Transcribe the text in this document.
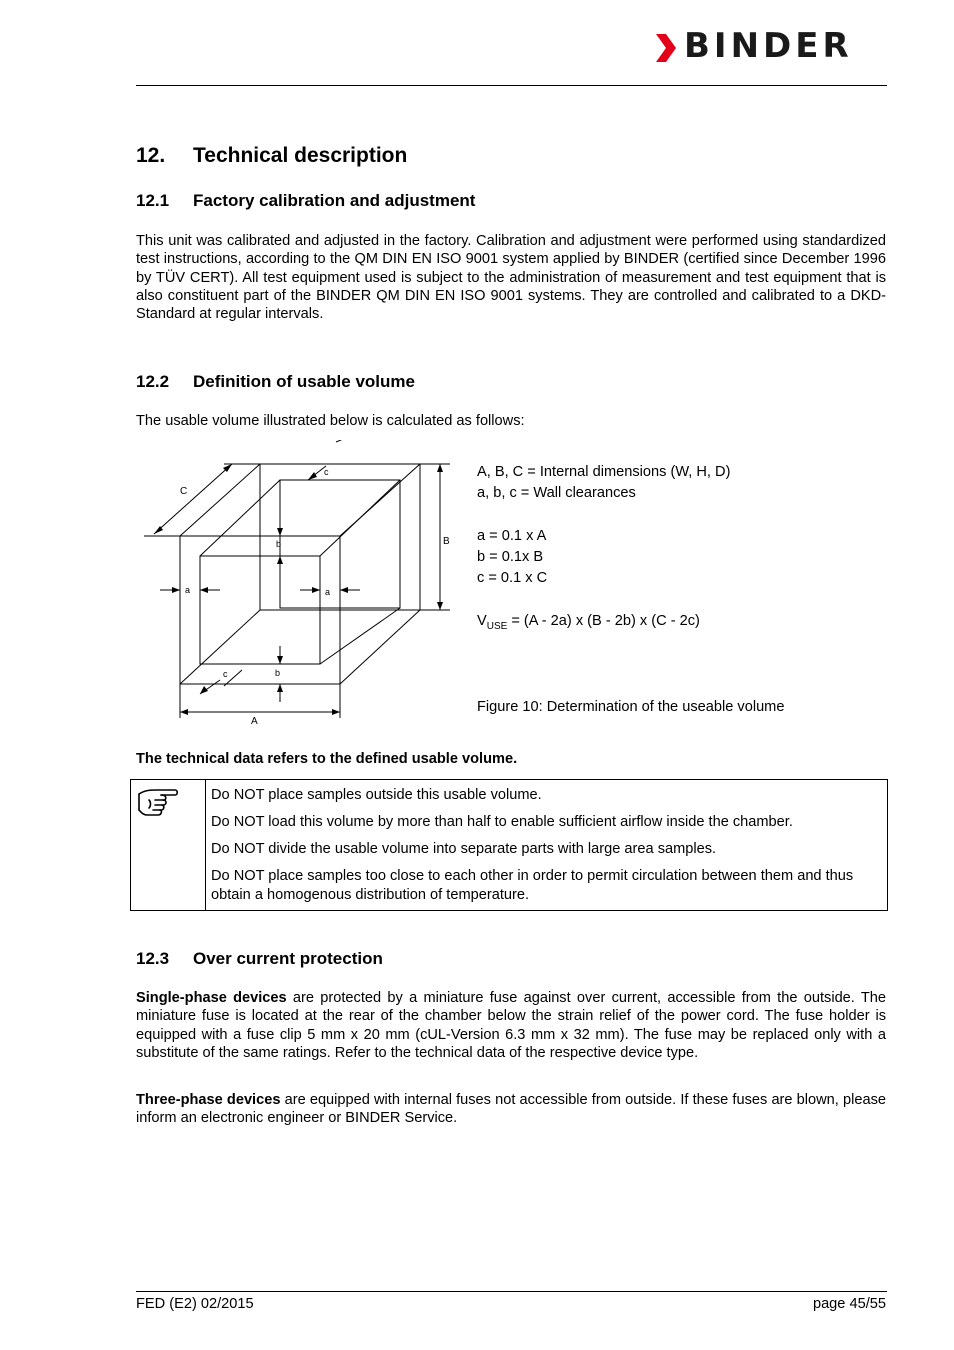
BINDER
12. Technical description
12.1 Factory calibration and adjustment

This unit was calibrated and adjusted in the factory. Calibration and adjustment were performed using standardized test instructions, according to the QM DIN EN ISO 9001 system applied by BINDER (certified since December 1996 by TÜV CERT). All test equipment used is subject to the administration of measurement and test equipment that is also constituent part of the BINDER QM DIN EN ISO 9001 systems. They are controlled and calibrated to a DKD-Standard at regular intervals.

12.2 Definition of usable volume

The usable volume illustrated below is calculated as follows:

C
B
A
a	a
b
b
c
c
A, B, C = Internal dimensions (W, H, D)
a, b, c = Wall clearances
a = 0.1 x A
b = 0.1x B
c = 0.1 x C
$V_{USE} = (A - 2a)$ x (B - 2b) x (C - 2c)
Figure 10: Determination of the useable volume

The technical data refers to the defined usable volume.

Do NOT place samples outside this usable volume.
Do NOT load this volume by more than half to enable sufficient airflow inside the chamber.
Do NOT divide the usable volume into separate parts with large area samples.
Do NOT place samples too close to each other in order to permit circulation between them and thus obtain a homogenous distribution of temperature.
12.3 Over current protection

Single-phase devices are protected by a miniature fuse against over current, accessible from the outside. The miniature fuse is located at the rear of the chamber below the strain relief of the power cord. The fuse holder is equipped with a fuse clip 5 mm x 20 mm (cUL-Version 6.3 mm x 32 mm). The fuse may be replaced only with a substitute of the same ratings. Refer to the technical data of the respective device type.

Three-phase devices are equipped with internal fuses not accessible from outside. If these fuses are blown, please inform an electronic engineer or BINDER Service.

FED (E2) 02/2015	page 45/55
